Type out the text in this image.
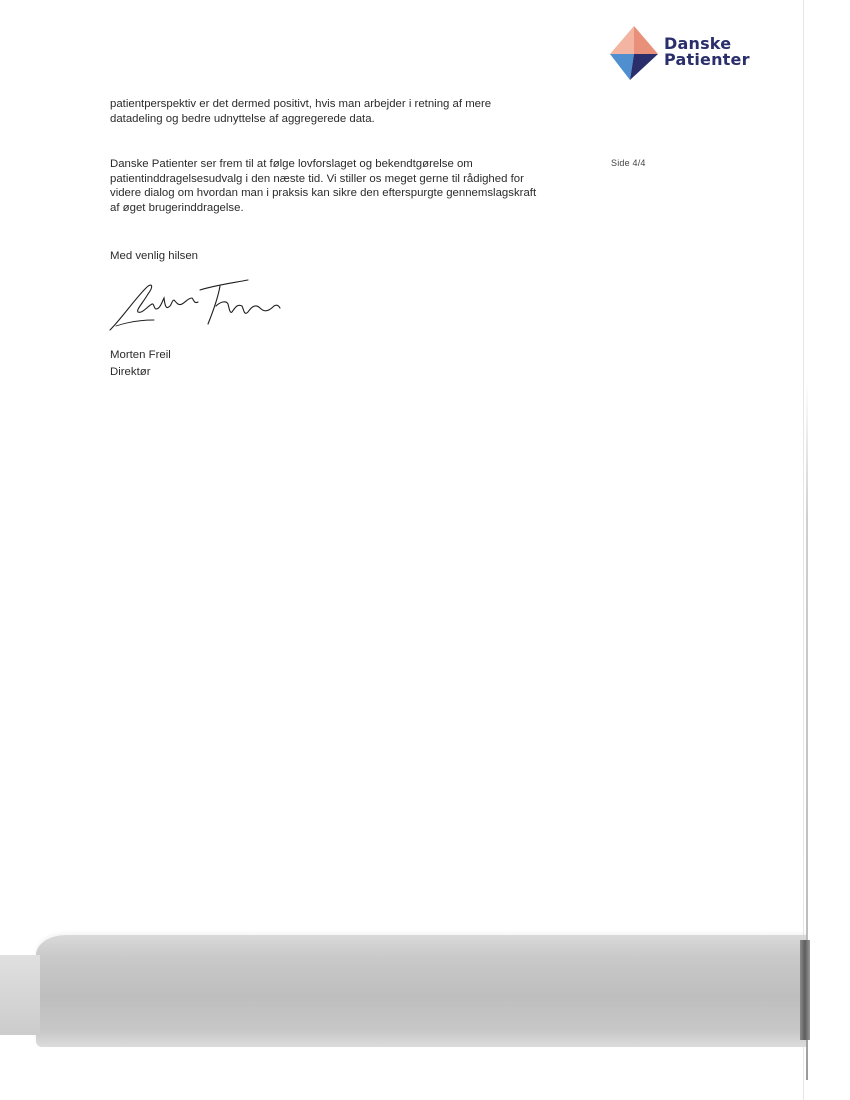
Danske
Patienter
Side 4/4

patientperspektiv er det dermed positivt, hvis man arbejder i retning af mere datadeling og bedre udnyttelse af aggregerede data.

Danske Patienter ser frem til at følge lovforslaget og bekendtgørelse om patientinddragelsesudvalg i den næste tid. Vi stiller os meget gerne til rådighed for videre dialog om hvordan man i praksis kan sikre den efterspurgte gennemslagskraft af øget brugerinddragelse.

Med venlig hilsen

Morten Freil

Direktør
